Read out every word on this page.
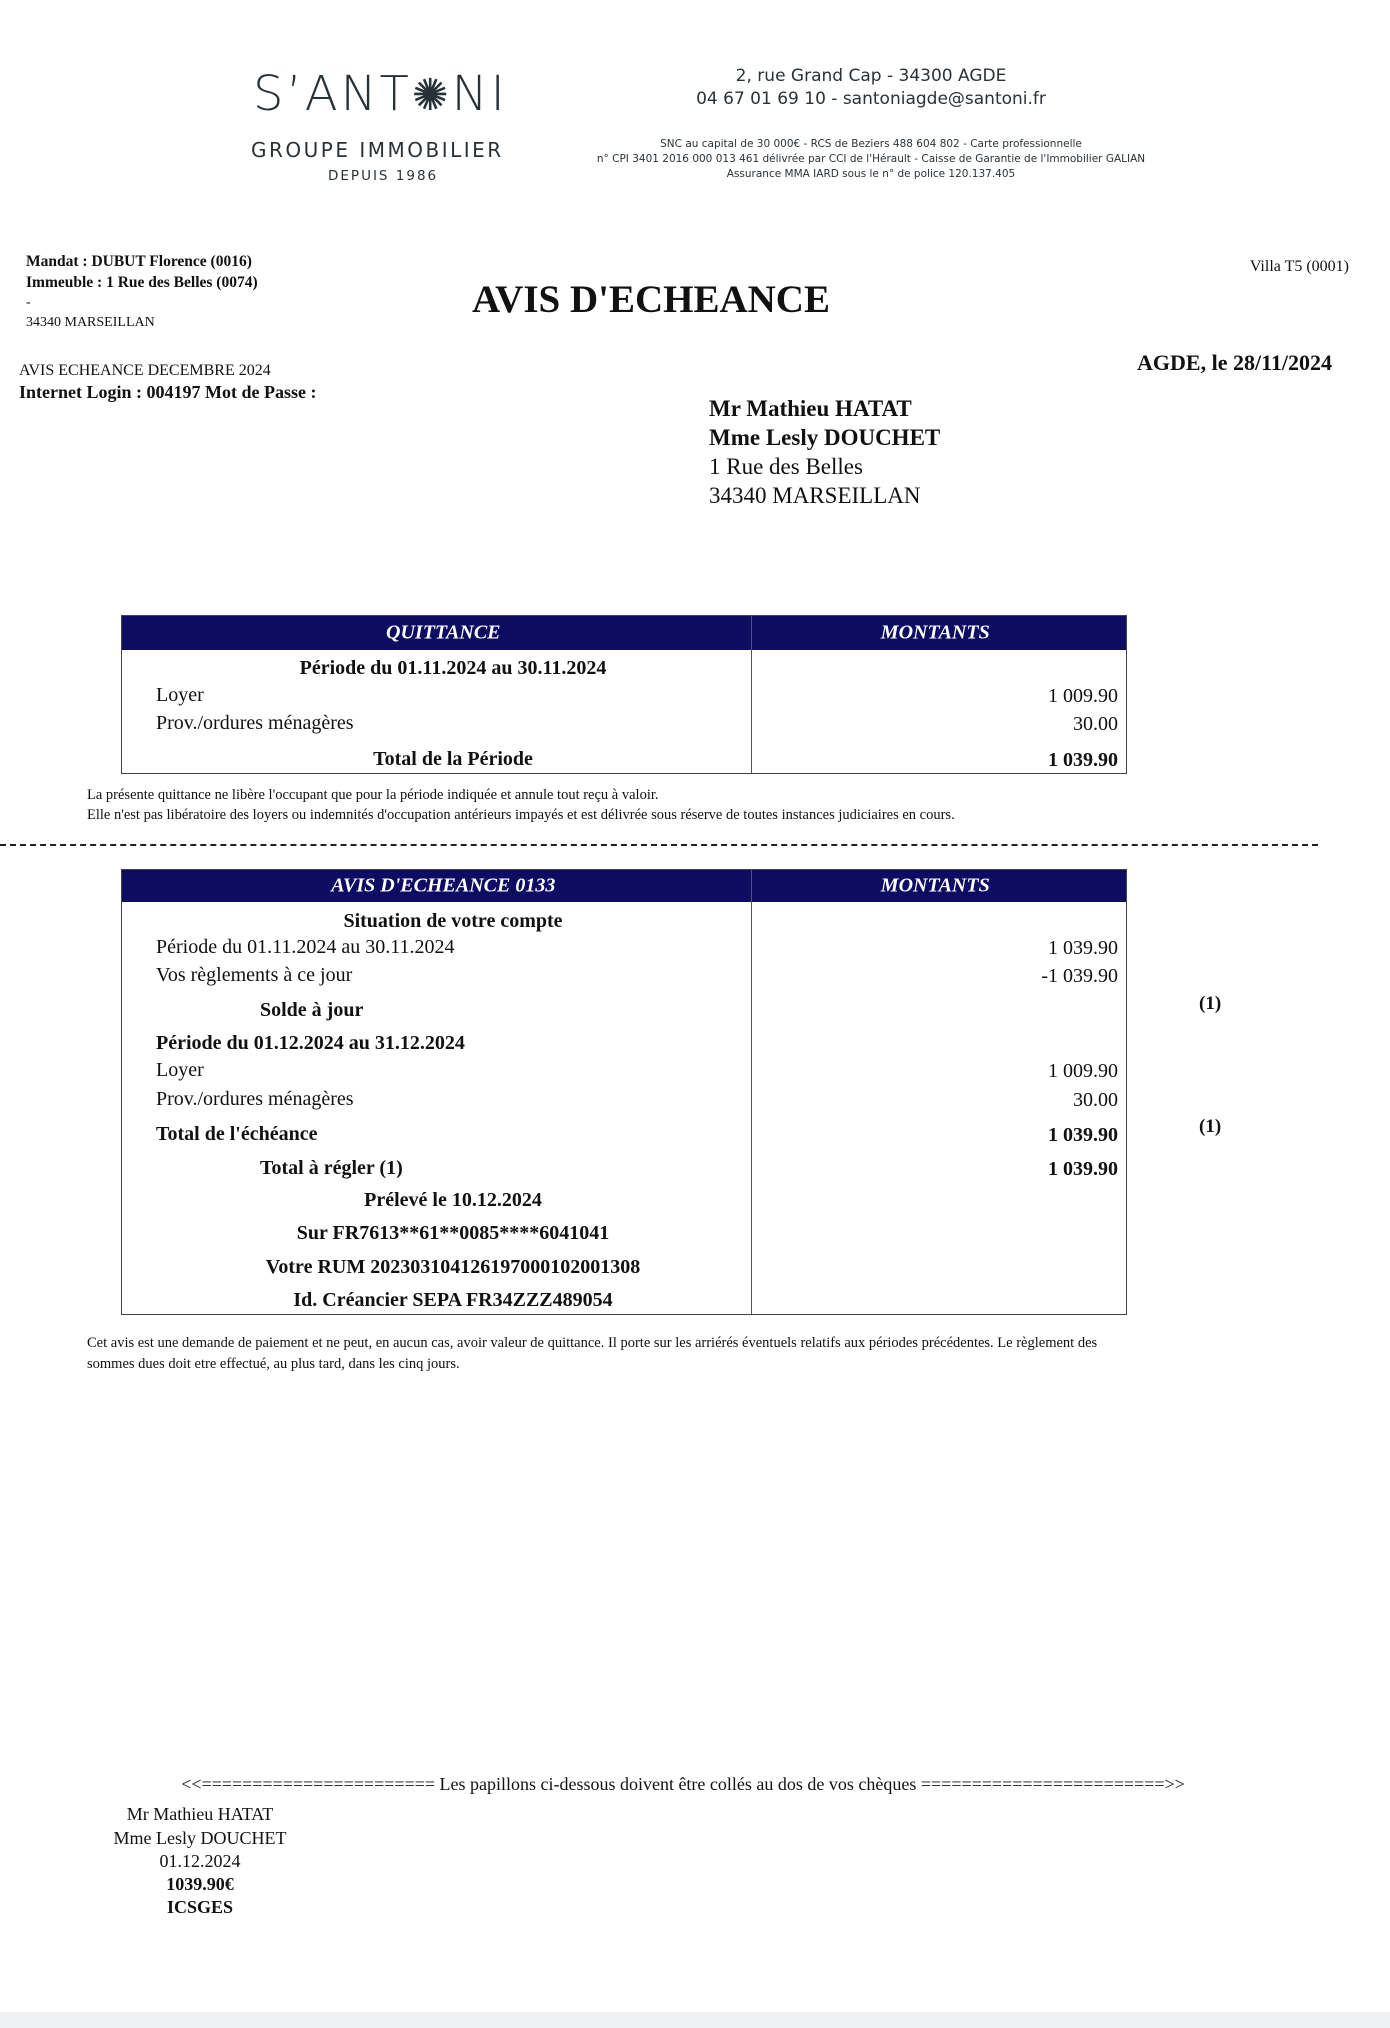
S’ANT✺NI
GROUPE IMMOBILIER
DEPUIS 1986
2, rue Grand Cap - 34300 AGDE
04 67 01 69 10 - santoniagde@santoni.fr
SNC au capital de 30 000€ - RCS de Beziers 488 604 802 - Carte professionnelle
n° CPI 3401 2016 000 013 461 délivrée par CCI de l'Hérault - Caisse de Garantie de l'Immobilier GALIAN
Assurance MMA IARD sous le n° de police 120.137.405
Mandat : DUBUT Florence (0016)
Immeuble : 1 Rue des Belles (0074)
-
34340 MARSEILLAN
AVIS D'ECHEANCE
Villa T5 (0001)
AVIS ECHEANCE DECEMBRE 2024
Internet Login : 004197 Mot de Passe :
AGDE, le 28/11/2024
Mr Mathieu HATAT
Mme Lesly DOUCHET
1 Rue des Belles
34340 MARSEILLAN
QUITTANCE	MONTANTS
Période du 01.11.2024 au 30.11.2024
Loyer	1 009.90
Prov./ordures ménagères	30.00
Total de la Période	1 039.90
La présente quittance ne libère l'occupant que pour la période indiquée et annule tout reçu à valoir.
Elle n'est pas libératoire des loyers ou indemnités d'occupation antérieurs impayés et est délivrée sous réserve de toutes instances judiciaires en cours.
AVIS D'ECHEANCE 0133	MONTANTS
Situation de votre compte
Période du 01.11.2024 au 30.11.2024	1 039.90
Vos règlements à ce jour	-1 039.90
Solde à jour
Période du 01.12.2024 au 31.12.2024
Loyer	1 009.90
Prov./ordures ménagères	30.00
Total de l'échéance	1 039.90
Total à régler (1)	1 039.90
Prélevé le 10.12.2024
Sur FR7613**61**0085****6041041
Votre RUM 20230310412619700010200130​8
Id. Créancier SEPA FR34ZZZ489054
(1)
(1)
Cet avis est une demande de paiement et ne peut, en aucun cas, avoir valeur de quittance. Il porte sur les arriérés éventuels relatifs aux périodes précédentes. Le règlement des
sommes dues doit etre effectué, au plus tard, dans les cinq jours.
<<======================= Les papillons ci-dessous doivent être collés au dos de vos chèques ========================>>
Mr Mathieu HATAT
Mme Lesly DOUCHET
01.12.2024
1039.90€
ICSGES
